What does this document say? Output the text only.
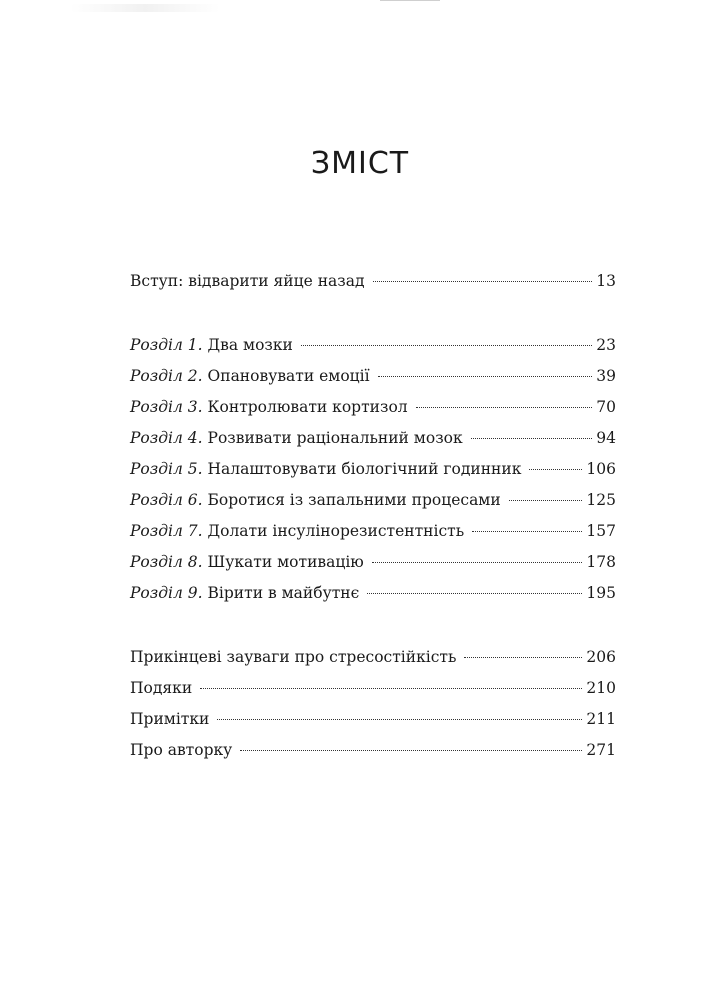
ЗМІСТ
Вступ: відварити яйце назад	13
Розділ 1. Два мозки	23
Розділ 2. Опановувати емоції	39
Розділ 3. Контролювати кортизол	70
Розділ 4. Розвивати раціональний мозок	94
Розділ 5. Налаштовувати біологічний годинник	106
Розділ 6. Боротися із запальними процесами	125
Розділ 7. Долати інсулінорезистентність	157
Розділ 8. Шукати мотивацію	178
Розділ 9. Вірити в майбутнє	195
Прикінцеві зауваги про стресостійкість	206
Подяки	210
Примітки	211
Про авторку	271
